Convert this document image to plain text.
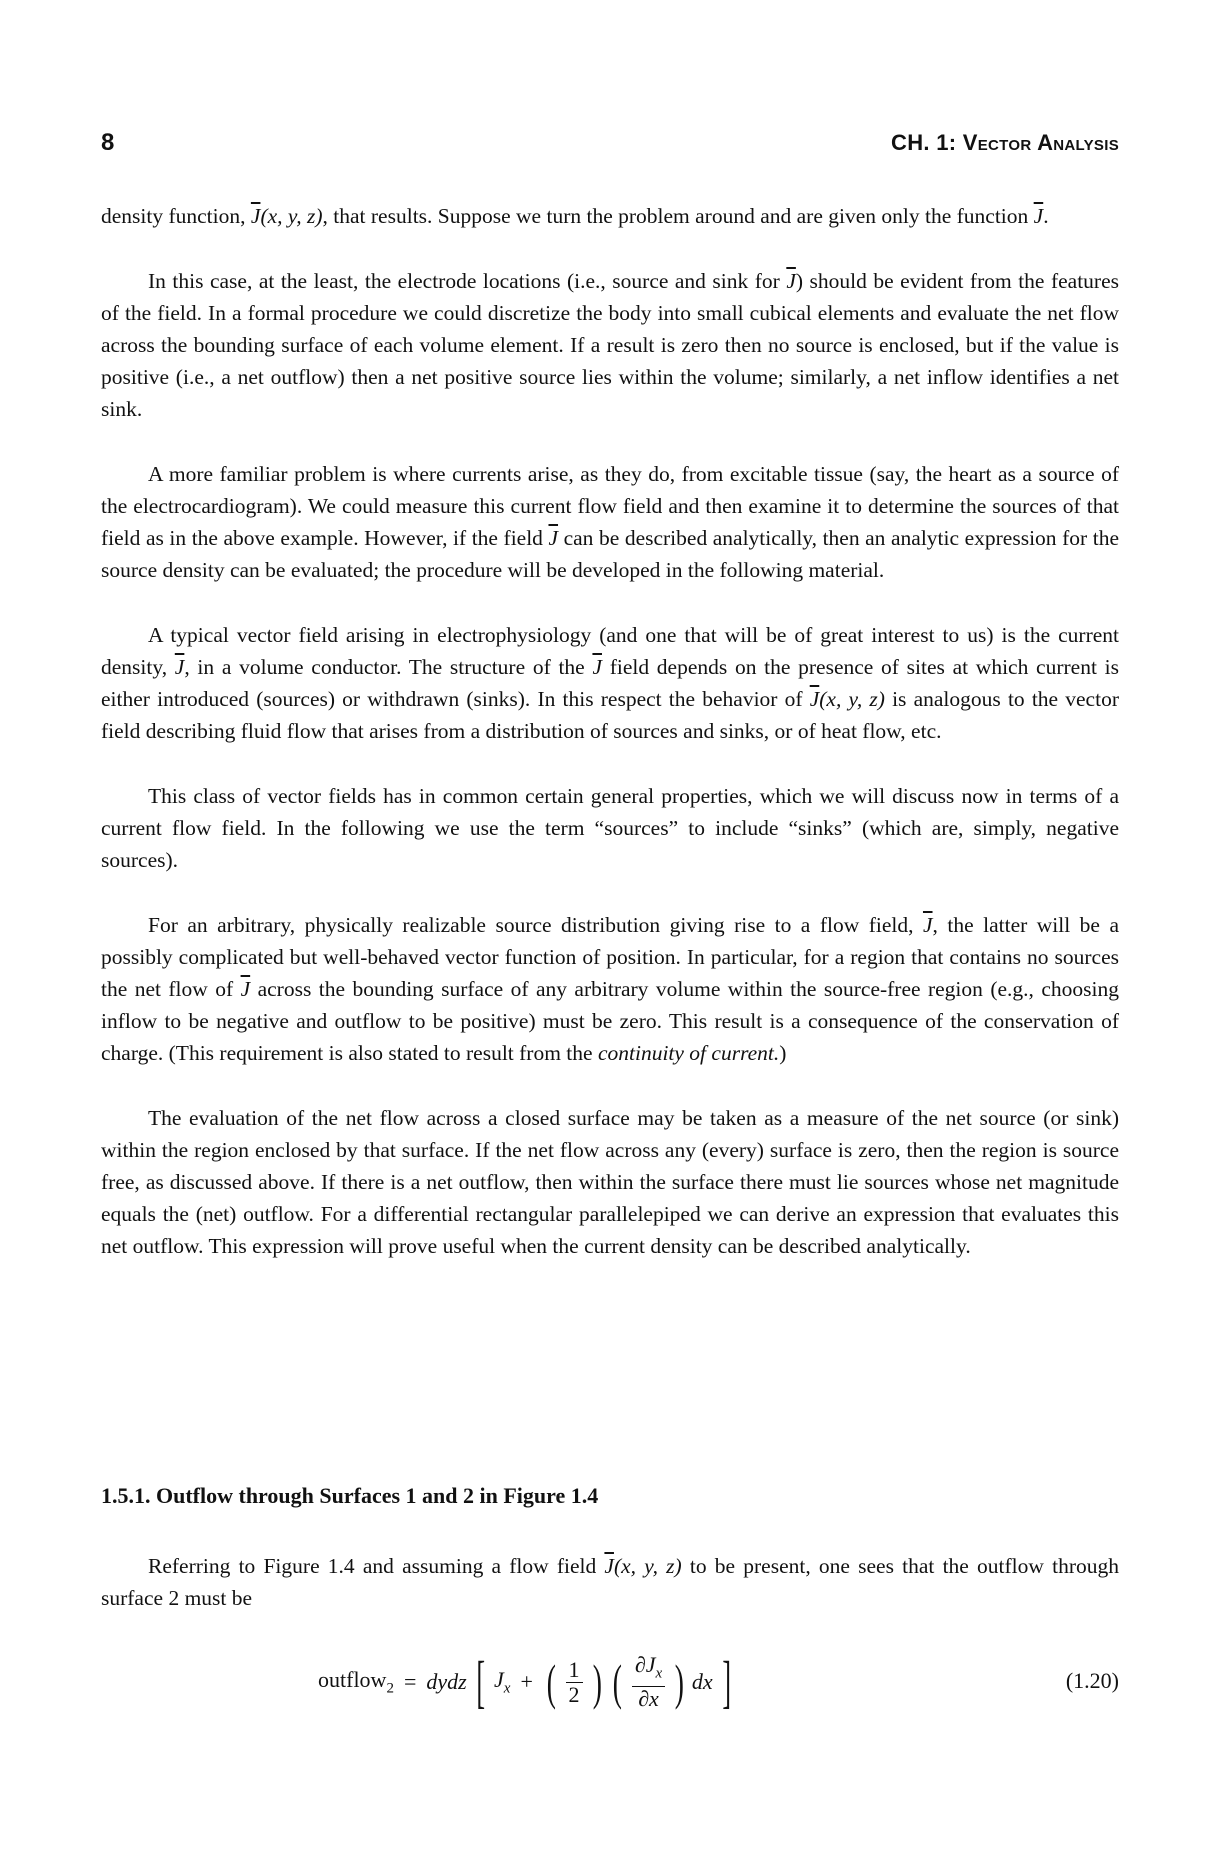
8	CH. 1: Vector Analysis

density function, $\overline{J}(x$, y, z), that results. Suppose we turn the problem around and are given only the function $\overline{J}$.

In this case, at the least, the electrode locations (i.e., source and sink for $\overline{J}$) should be evident from the features of the field. In a formal procedure we could discretize the body into small cubical elements and evaluate the net flow across the bounding surface of each volume element. If a result is zero then no source is enclosed, but if the value is positive (i.e., a net outflow) then a net positive source lies within the volume; similarly, a net inflow identifies a net sink.

A more familiar problem is where currents arise, as they do, from excitable tissue (say, the heart as a source of the electrocardiogram). We could measure this current flow field and then examine it to determine the sources of that field as in the above example. However, if the field $\overline{J}$ can be described analytically, then an analytic expression for the source density can be evaluated; the procedure will be developed in the following material.

A typical vector field arising in electrophysiology (and one that will be of great interest to us) is the current density, $\overline{J}$, in a volume conductor. The structure of the $\overline{J}$ field depends on the presence of sites at which current is either introduced (sources) or withdrawn (sinks). In this respect the behavior of $\overline{J}(x$, y, z) is analogous to the vector field describing fluid flow that arises from a distribution of sources and sinks, or of heat flow, etc.

This class of vector fields has in common certain general properties, which we will discuss now in terms of a current flow field. In the following we use the term “sources” to include “sinks” (which are, simply, negative sources).

For an arbitrary, physically realizable source distribution giving rise to a flow field, $\overline{J}$, the latter will be a possibly complicated but well-behaved vector function of position. In particular, for a region that contains no sources the net flow of $\overline{J}$ across the bounding surface of any arbitrary volume within the source-free region (e.g., choosing inflow to be negative and outflow to be positive) must be zero. This result is a consequence of the conservation of charge. (This requirement is also stated to result from the continuity of current.)

The evaluation of the net flow across a closed surface may be taken as a measure of the net source (or sink) within the region enclosed by that surface. If the net flow across any (every) surface is zero, then the region is source free, as discussed above. If there is a net outflow, then within the surface there must lie sources whose net magnitude equals the (net) outflow. For a differential rectangular parallelepiped we can derive an expression that evaluates this net outflow. This expression will prove useful when the current density can be described analytically.

1.5.1. Outflow through Surfaces 1 and 2 in Figure 1.4

Referring to Figure 1.4 and assuming a flow field $\overline{J}(x$, y, z) to be present, one sees that the outflow through surface 2 must be

outflow$_2$ = dydz [ $J_x$ + ( $\frac{1}{2}$ ) ( $\frac{\partial J_x}{\partial x}$ ) dx ]	(1.20)
